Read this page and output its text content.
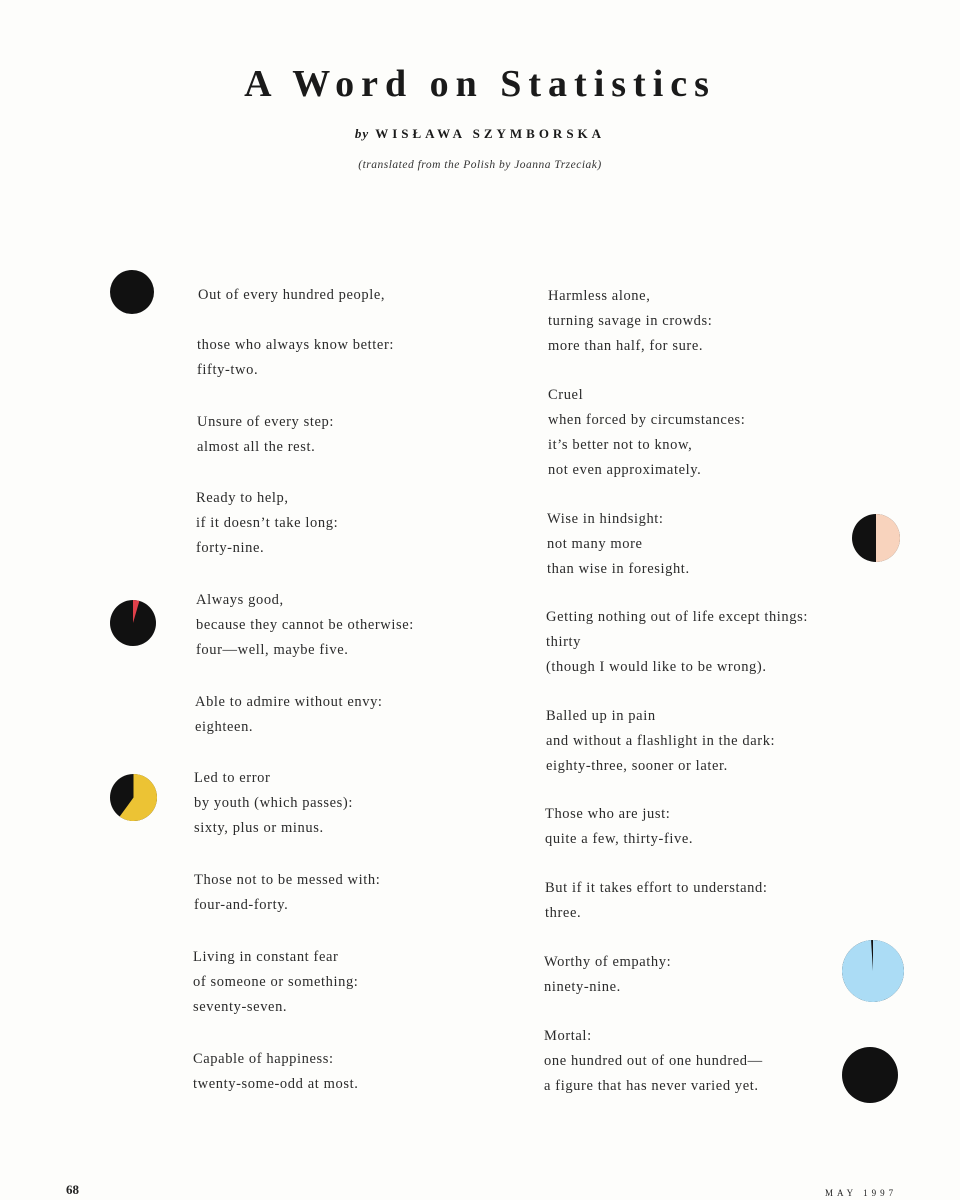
A Word on Statistics
by WISŁAWA SZYMBORSKA
(translated from the Polish by Joanna Trzeciak)
Out of every hundred people,
those who always know better:
fifty-two.
Unsure of every step:
almost all the rest.
Ready to help,
if it doesn’t take long:
forty-nine.
Always good,
because they cannot be otherwise:
four—well, maybe five.
Able to admire without envy:
eighteen.
Led to error
by youth (which passes):
sixty, plus or minus.
Those not to be messed with:
four-and-forty.
Living in constant fear
of someone or something:
seventy-seven.
Capable of happiness:
twenty-some-odd at most.
Harmless alone,
turning savage in crowds:
more than half, for sure.
Cruel
when forced by circumstances:
it’s better not to know,
not even approximately.
Wise in hindsight:
not many more
than wise in foresight.
Getting nothing out of life except things:
thirty
(though I would like to be wrong).
Balled up in pain
and without a flashlight in the dark:
eighty-three, sooner or later.
Those who are just:
quite a few, thirty-five.
But if it takes effort to understand:
three.
Worthy of empathy:
ninety-nine.
Mortal:
one hundred out of one hundred—
a figure that has never varied yet.
68	MAY 1997
